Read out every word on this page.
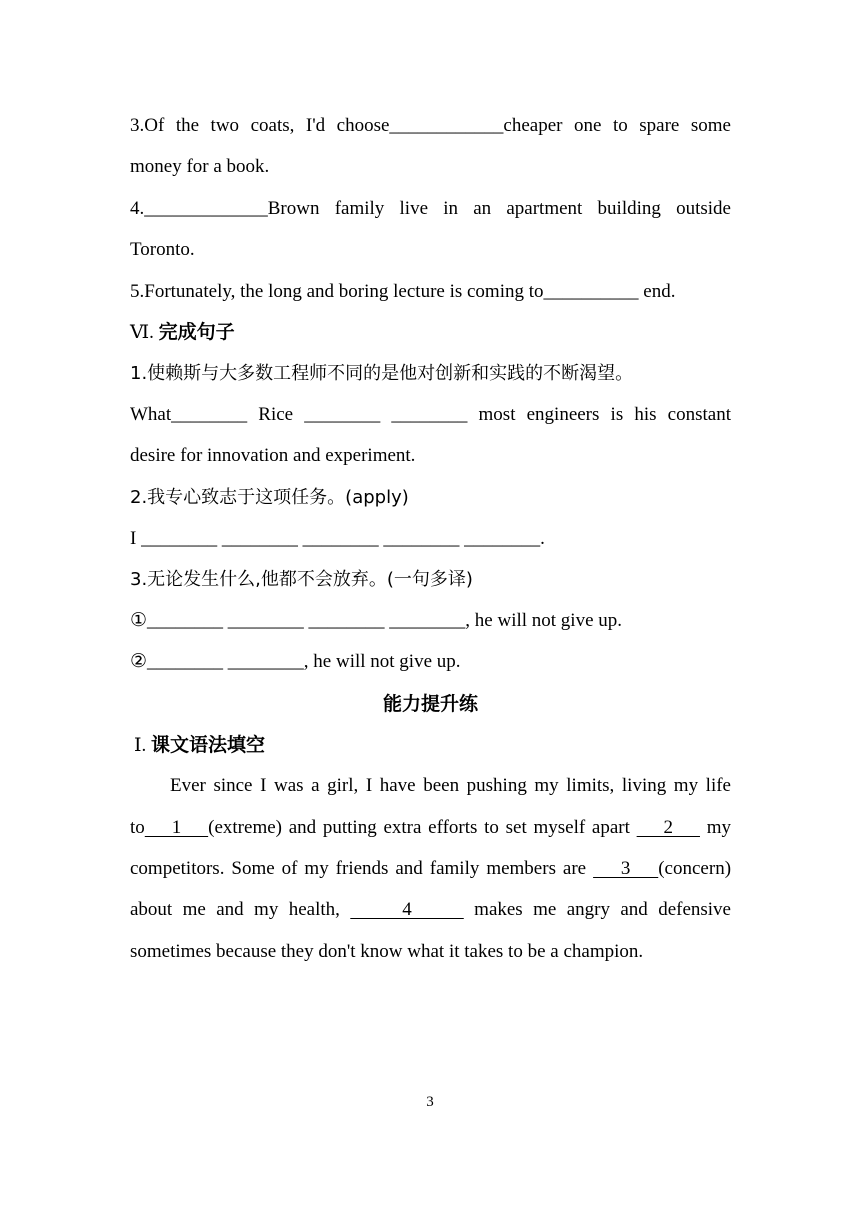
3.Of the two coats, I'd choose____________cheaper one to spare some
money for a book.
4._____________Brown family live in an apartment building outside
Toronto.
5.Fortunately, the long and boring lecture is coming to__________ end.
Ⅵ. 完成句子
1.使赖斯与大多数工程师不同的是他对创新和实践的不断渴望。
What________ Rice ________ ________ most engineers is his constant
desire for innovation and experiment.
2.我专心致志于这项任务。(apply)
I ________ ________ ________ ________ ________.
3.无论发生什么,他都不会放弃。(一句多译)
①________ ________ ________ ________, he will not give up.
②________ ________, he will not give up.
能力提升练
Ⅰ. 课文语法填空
Ever since I was a girl, I have been pushing my limits, living my life
to    1    (extreme) and putting extra efforts to set myself apart     2     my
competitors. Some of my friends and family members are     3    (concern)
about me and my health,      4      makes me angry and defensive
sometimes because they don't know what it takes to be a champion.
3
